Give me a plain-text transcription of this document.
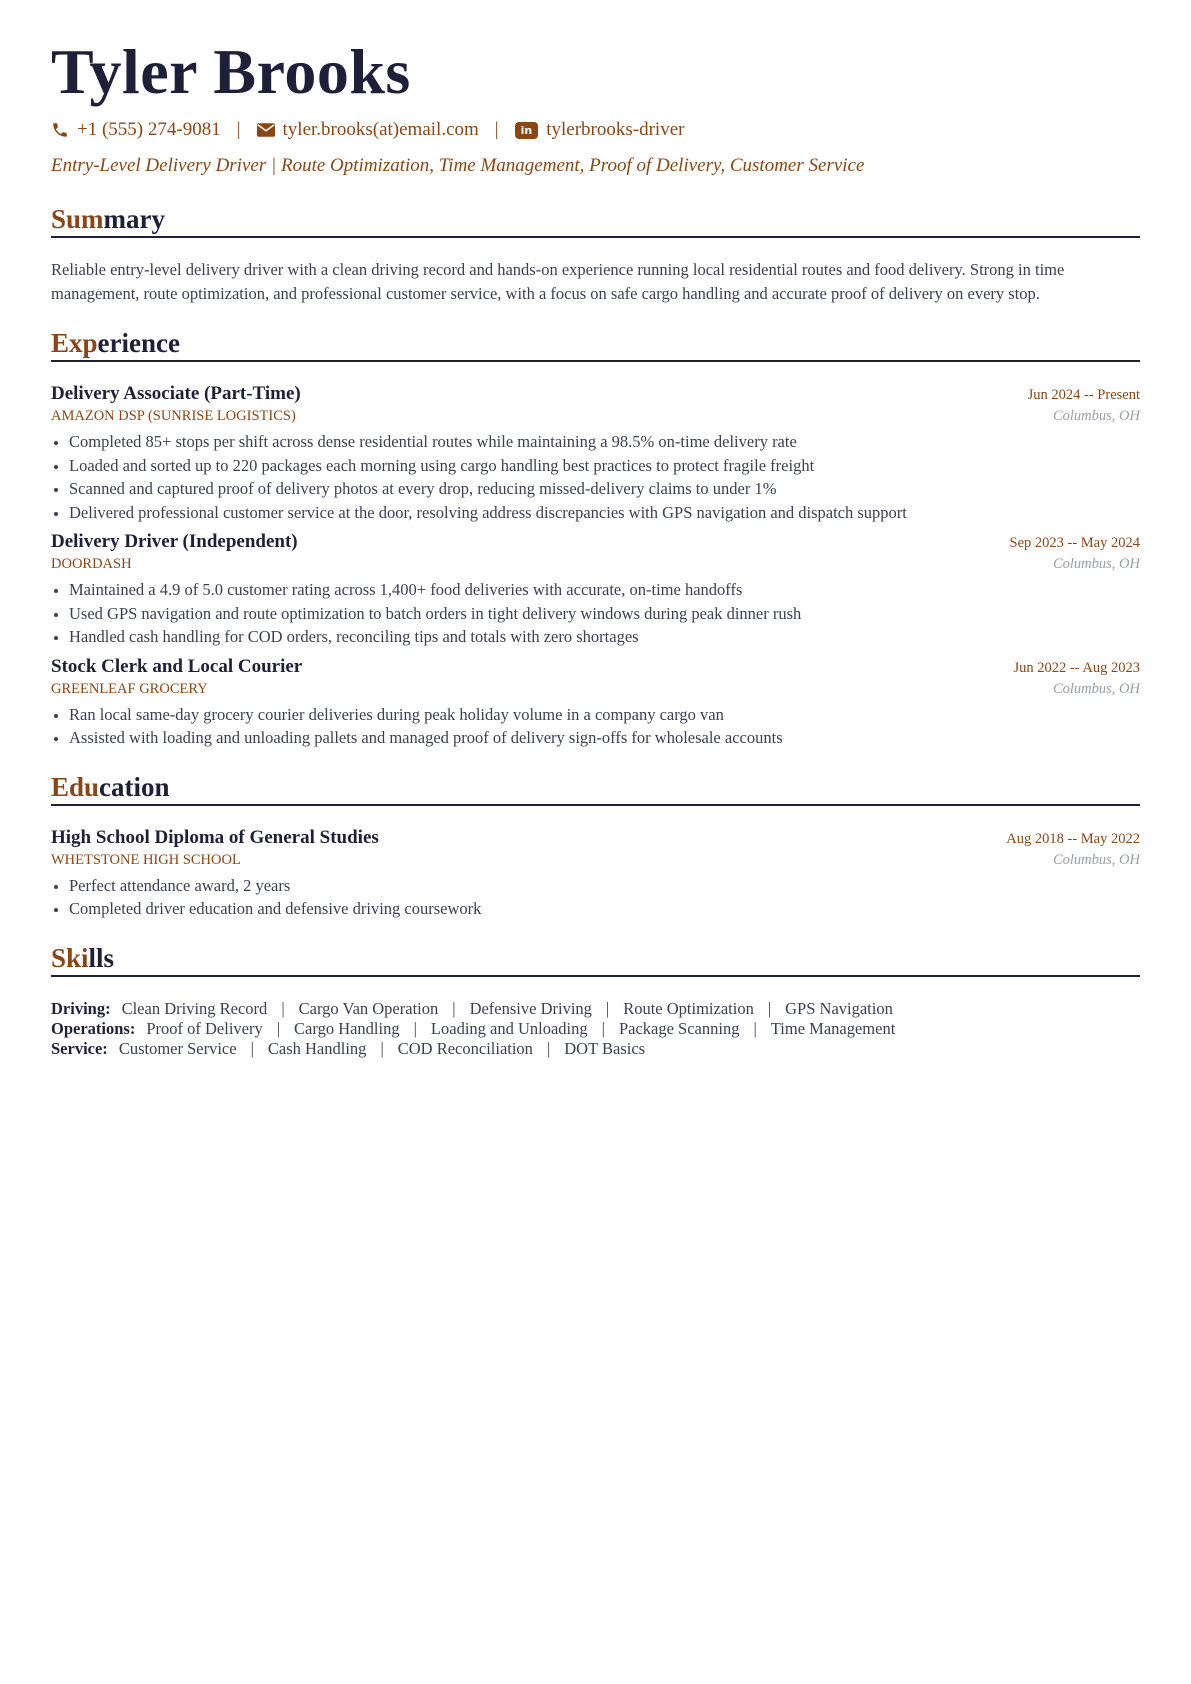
Tyler Brooks
+1 (555) 274-9081 | tyler.brooks(at)email.com |	in tylerbrooks-driver
Entry-Level Delivery Driver | Route Optimization, Time Management, Proof of Delivery, Customer Service
Summary
Reliable entry-level delivery driver with a clean driving record and hands-on experience running local residential routes and food delivery. Strong in time management, route optimization, and professional customer service, with a focus on safe cargo handling and accurate proof of delivery on every stop.
Experience
Delivery Associate (Part-Time)	Jun 2024 -- Present
AMAZON DSP (SUNRISE LOGISTICS)	Columbus, OH
• Completed 85+ stops per shift across dense residential routes while maintaining a 98.5% on-time delivery rate
• Loaded and sorted up to 220 packages each morning using cargo handling best practices to protect fragile freight
• Scanned and captured proof of delivery photos at every drop, reducing missed-delivery claims to under 1%
• Delivered professional customer service at the door, resolving address discrepancies with GPS navigation and dispatch support
Delivery Driver (Independent)	Sep 2023 -- May 2024
DOORDASH	Columbus, OH
• Maintained a 4.9 of 5.0 customer rating across 1,400+ food deliveries with accurate, on-time handoffs
• Used GPS navigation and route optimization to batch orders in tight delivery windows during peak dinner rush
• Handled cash handling for COD orders, reconciling tips and totals with zero shortages
Stock Clerk and Local Courier	Jun 2022 -- Aug 2023
GREENLEAF GROCERY	Columbus, OH
• Ran local same-day grocery courier deliveries during peak holiday volume in a company cargo van
• Assisted with loading and unloading pallets and managed proof of delivery sign-offs for wholesale accounts
Education
High School Diploma of General Studies	Aug 2018 -- May 2022
WHETSTONE HIGH SCHOOL	Columbus, OH
• Perfect attendance award, 2 years
• Completed driver education and defensive driving coursework
Skills
Driving: Clean Driving Record | Cargo Van Operation | Defensive Driving | Route Optimization | GPS Navigation
Operations: Proof of Delivery | Cargo Handling | Loading and Unloading | Package Scanning | Time Management
Service: Customer Service | Cash Handling | COD Reconciliation | DOT Basics
